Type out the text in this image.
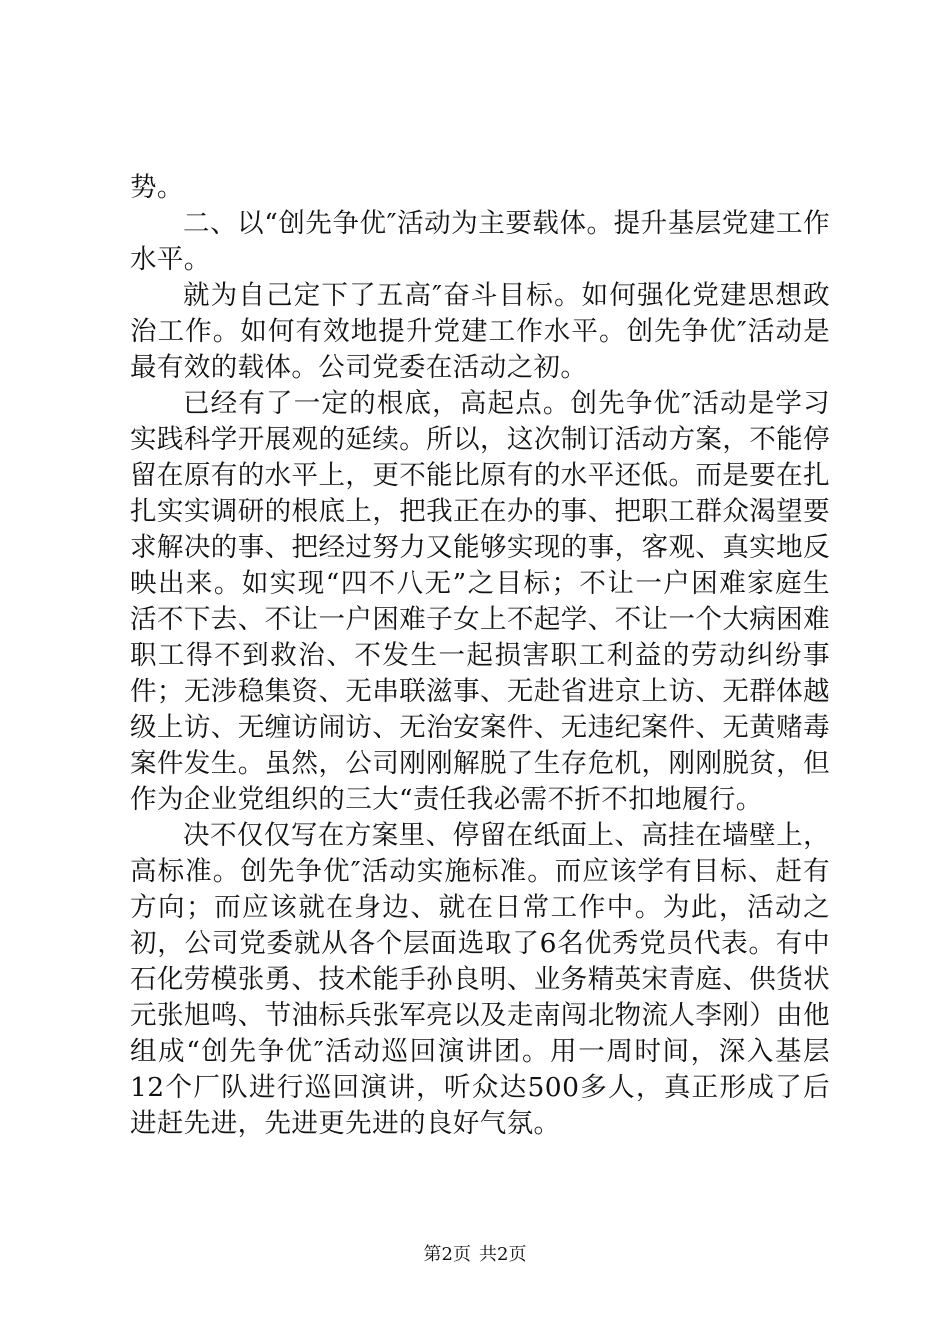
势。

二、以“创先争优″活动为主要载体。提升基层党建工作水平。

就为自己定下了五高″奋斗目标。如何强化党建思想政治工作。如何有效地提升党建工作水平。创先争优″活动是最有效的载体。公司党委在活动之初。

已经有了一定的根底，高起点。创先争优″活动是学习实践科学开展观的延续。所以，这次制订活动方案，不能停留在原有的水平上，更不能比原有的水平还低。而是要在扎扎实实调研的根底上，把我正在办的事、把职工群众渴望要求解决的事、把经过努力又能够实现的事，客观、真实地反映出来。如实现“四不八无”之目标；不让一户困难家庭生活不下去、不让一户困难子女上不起学、不让一个大病困难职工得不到救治、不发生一起损害职工利益的劳动纠纷事件；无涉稳集资、无串联滋事、无赴省进京上访、无群体越级上访、无缠访闹访、无治安案件、无违纪案件、无黄赌毒案件发生。虽然，公司刚刚解脱了生存危机，刚刚脱贫，但作为企业党组织的三大“责任我必需不折不扣地履行。

决不仅仅写在方案里、停留在纸面上、高挂在墙壁上，高标准。创先争优″活动实施标准。而应该学有目标、赶有方向；而应该就在身边、就在日常工作中。为此，活动之初，公司党委就从各个层面选取了6名优秀党员代表。有中石化劳模张勇、技术能手孙良明、业务精英宋青庭、供货状元张旭鸣、节油标兵张军亮以及走南闯北物流人李刚）由他组成“创先争优″活动巡回演讲团。用一周时间，深入基层12个厂队进行巡回演讲，听众达500多人，真正形成了后进赶先进，先进更先进的良好气氛。

第2页 共2页
